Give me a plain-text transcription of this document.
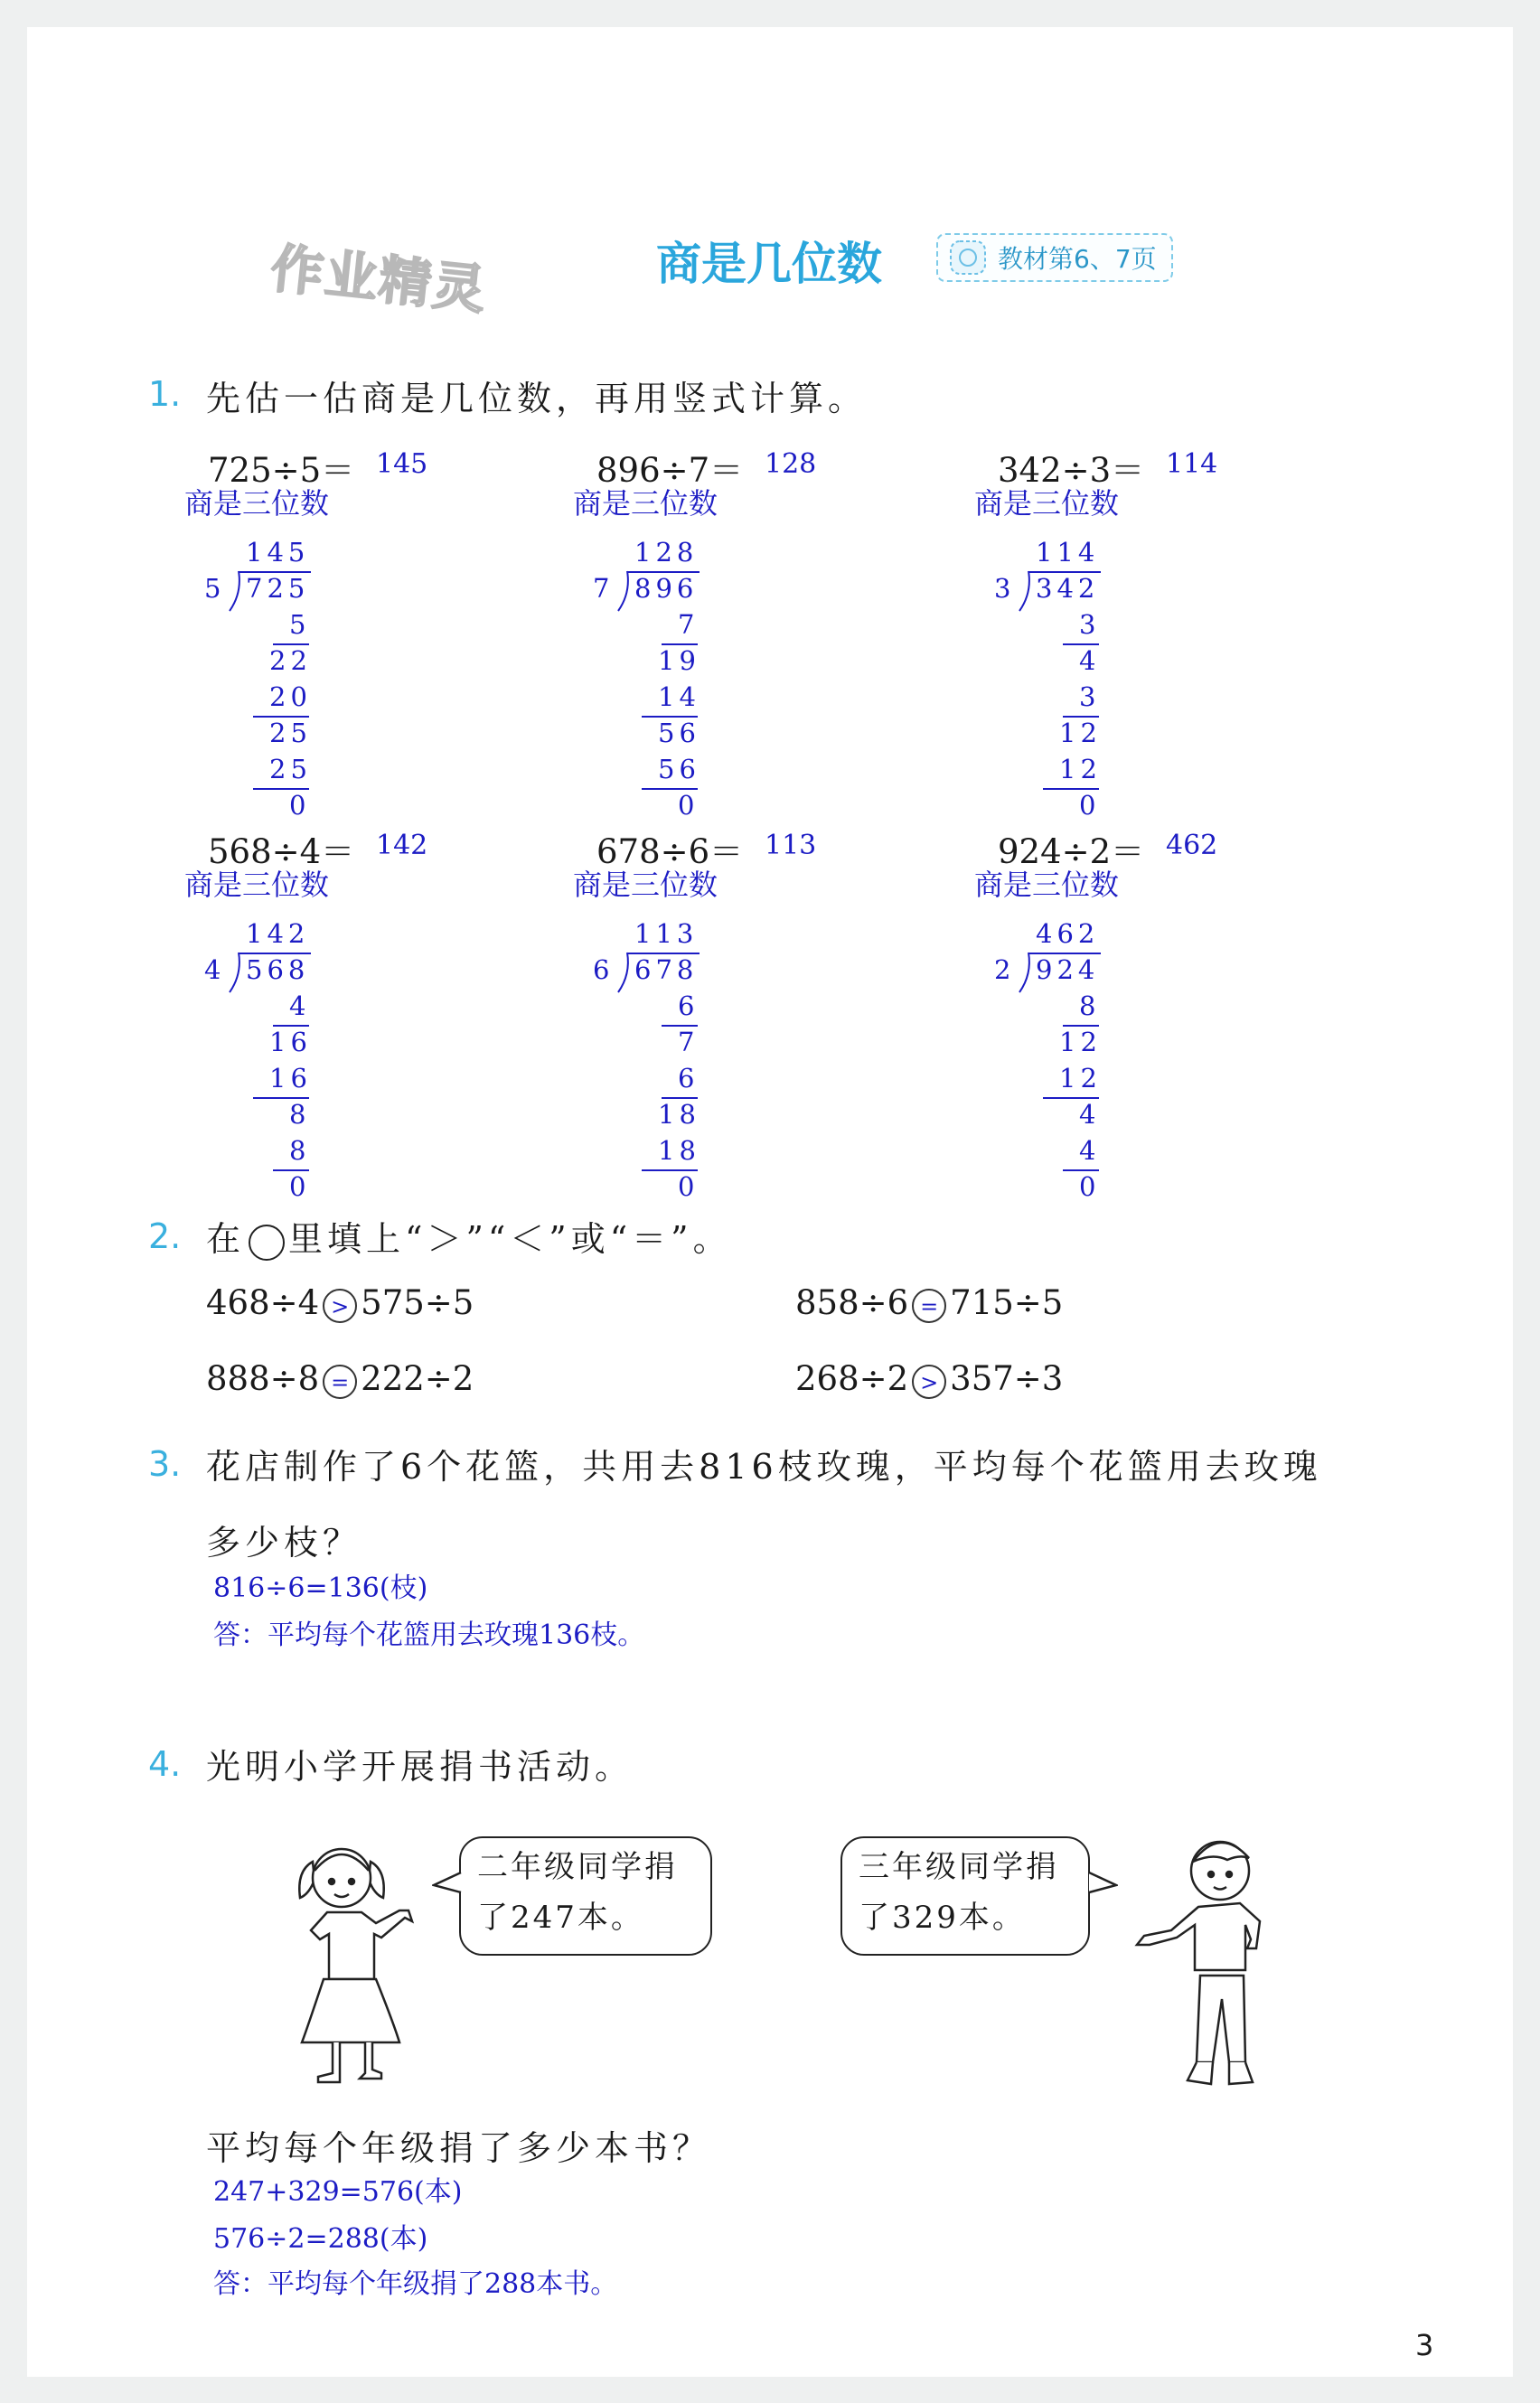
作业精灵	商是几位数	教材第6、7页
1. 先估一估商是几位数，再用竖式计算。
725÷5＝ 145
商是三位数
145
5 725
5
22
20
25
25
0
896÷7＝ 128
商是三位数
128
7 896
7
19
14
56
56
0
342÷3＝ 114
商是三位数
114
3 342
3
4
3
12
12
0
568÷4＝ 142
商是三位数
142
4 568
4
16
16
8
8
0
678÷6＝ 113
商是三位数
113
6 678
6
7
6
18
18
0
924÷2＝ 462
商是三位数
462
2 924
8
12
12
4
4
0
2. 在 里填上“＞”“＜”或“＝”。
468÷4 > 575÷5	858÷6 = 715÷5
888÷8 = 222÷2	268÷2 > 357÷3
3. 花店制作了6个花篮，共用去816枝玫瑰，平均每个花篮用去玫瑰
多少枝？
816÷6=136(枝)
答：平均每个花篮用去玫瑰136枝。
4. 光明小学开展捐书活动。
二年级同学捐
了247本。
三年级同学捐
了329本。
平均每个年级捐了多少本书？
247+329=576(本)
576÷2=288(本)
答：平均每个年级捐了288本书。
3
